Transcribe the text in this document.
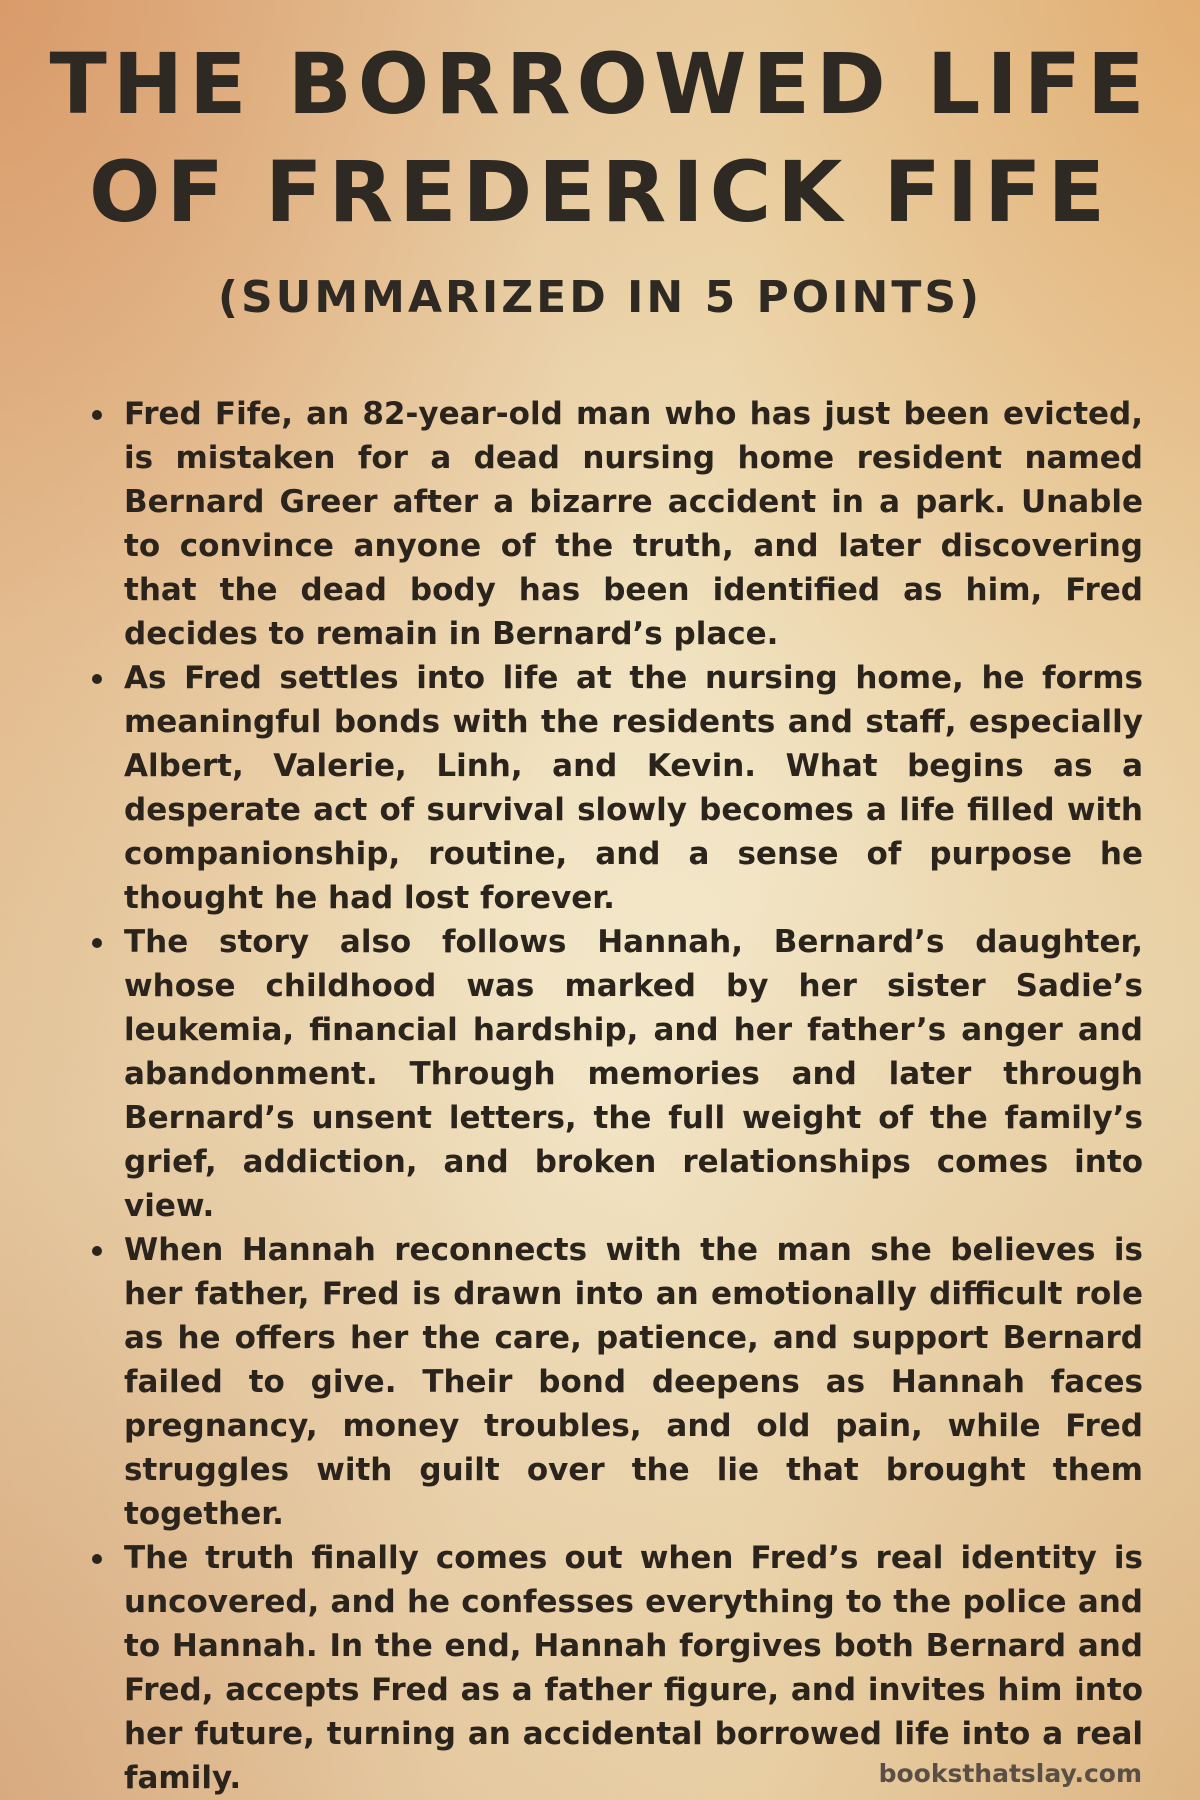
THE BORROWED LIFE
OF FREDERICK FIFE
(SUMMARIZED IN 5 POINTS)
Fred Fife, an 82-year-old man who has just been evicted, is mistaken for a dead nursing home resident named Bernard Greer after a bizarre accident in a park. Unable to convince anyone of the truth, and later discovering that the dead body has been identified as him, Fred decides to remain in Bernard’s place.
As Fred settles into life at the nursing home, he forms meaningful bonds with the residents and staff, especially Albert, Valerie, Linh, and Kevin. What begins as a desperate act of survival slowly becomes a life filled with companionship, routine, and a sense of purpose he thought he had lost forever.
The story also follows Hannah, Bernard’s daughter, whose childhood was marked by her sister Sadie’s leukemia, financial hardship, and her father’s anger and abandonment. Through memories and later through Bernard’s unsent letters, the full weight of the family’s grief, addiction, and broken relationships comes into view.
When Hannah reconnects with the man she believes is her father, Fred is drawn into an emotionally difficult role as he offers her the care, patience, and support Bernard failed to give. Their bond deepens as Hannah faces pregnancy, money troubles, and old pain, while Fred struggles with guilt over the lie that brought them together.
The truth finally comes out when Fred’s real identity is uncovered, and he confesses everything to the police and to Hannah. In the end, Hannah forgives both Bernard and Fred, accepts Fred as a father figure, and invites him into her future, turning an accidental borrowed life into a real family.	booksthatslay.com
